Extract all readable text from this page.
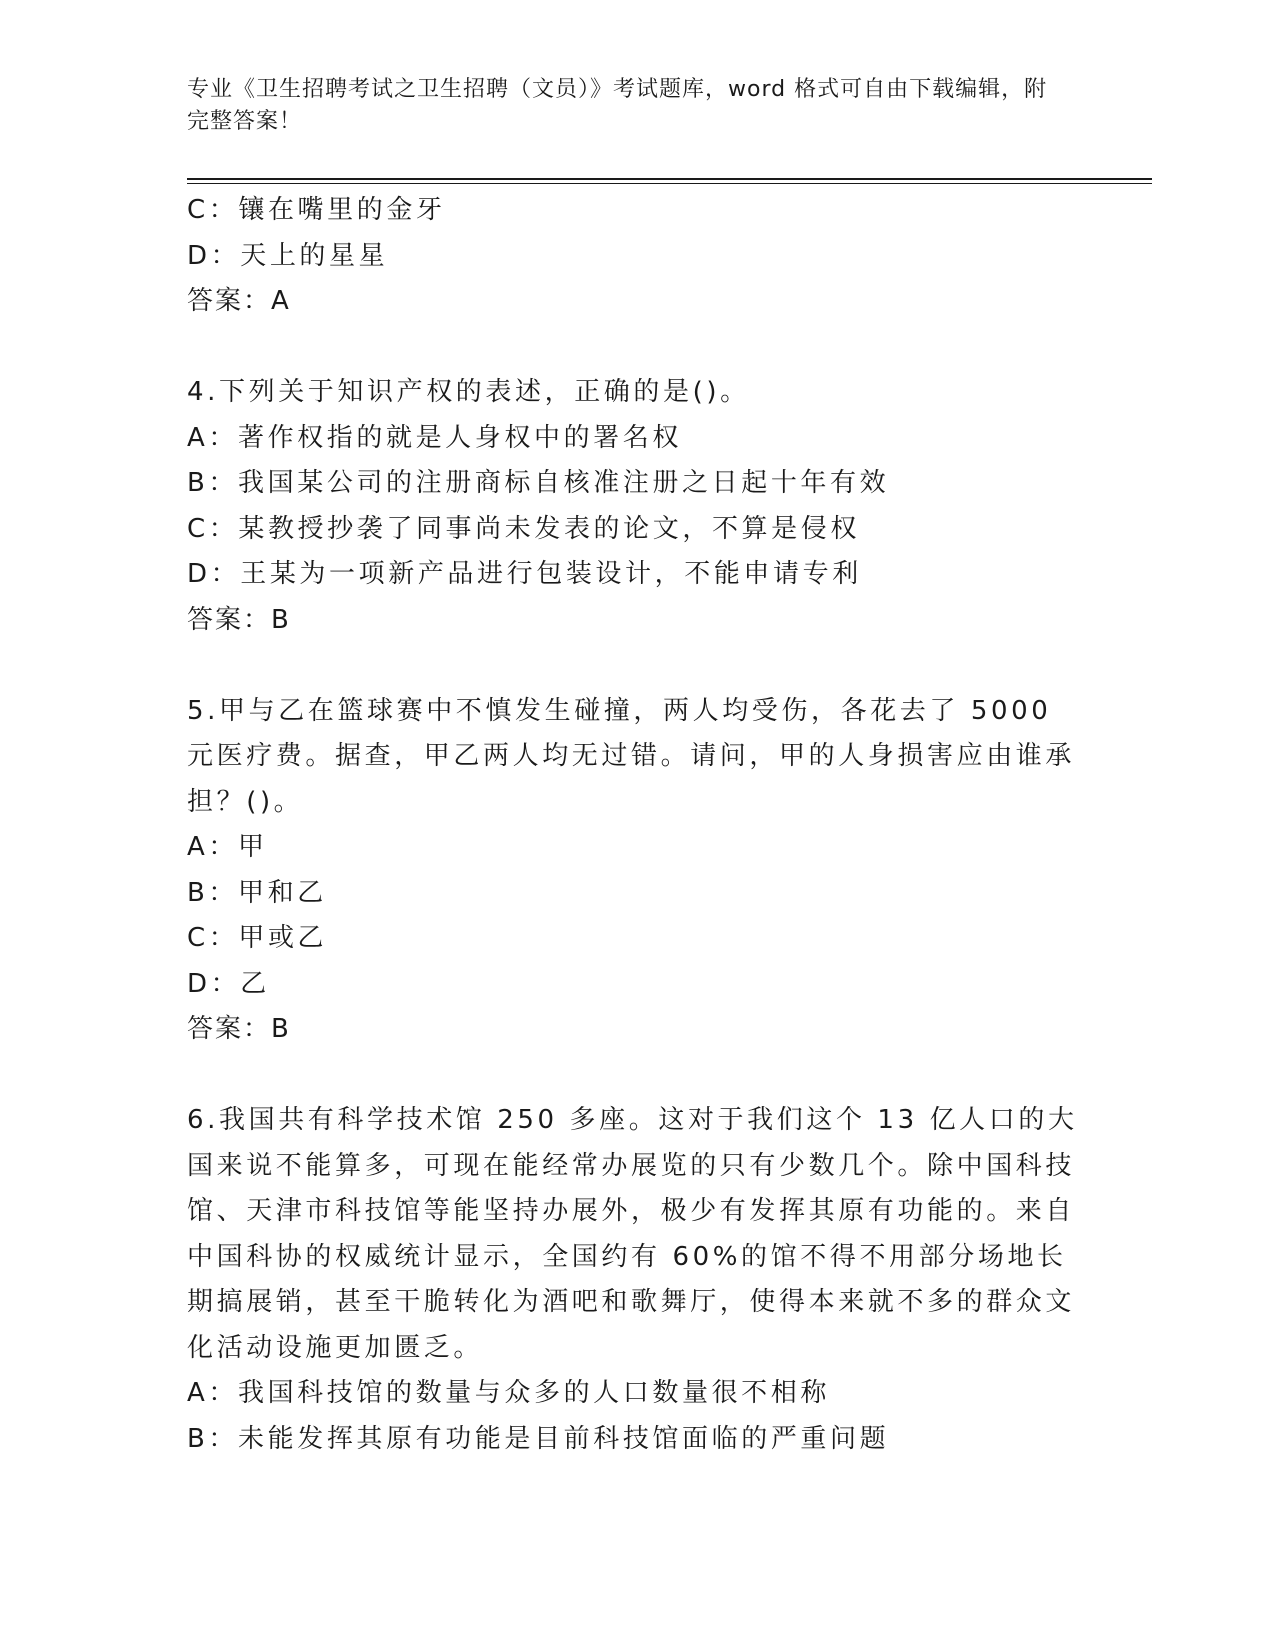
专业《卫生招聘考试之卫生招聘（文员）》考试题库，word 格式可自由下载编辑，附完整答案！
C：镶在嘴里的金牙
D：天上的星星
答案：A
4.下列关于知识产权的表述，正确的是()。
A：著作权指的就是人身权中的署名权
B：我国某公司的注册商标自核准注册之日起十年有效
C：某教授抄袭了同事尚未发表的论文，不算是侵权
D：王某为一项新产品进行包装设计，不能申请专利
答案：B
5.甲与乙在篮球赛中不慎发生碰撞，两人均受伤，各花去了 5000 元医疗费。据查，甲乙两人均无过错。请问，甲的人身损害应由谁承担？()。
A：甲
B：甲和乙
C：甲或乙
D：乙
答案：B
6.我国共有科学技术馆 250 多座。这对于我们这个 13 亿人口的大国来说不能算多，可现在能经常办展览的只有少数几个。除中国科技馆、天津市科技馆等能坚持办展外，极少有发挥其原有功能的。来自中国科协的权威统计显示，全国约有 60%的馆不得不用部分场地长期搞展销，甚至干脆转化为酒吧和歌舞厅，使得本来就不多的群众文化活动设施更加匮乏。
A：我国科技馆的数量与众多的人口数量很不相称
B：未能发挥其原有功能是目前科技馆面临的严重问题
